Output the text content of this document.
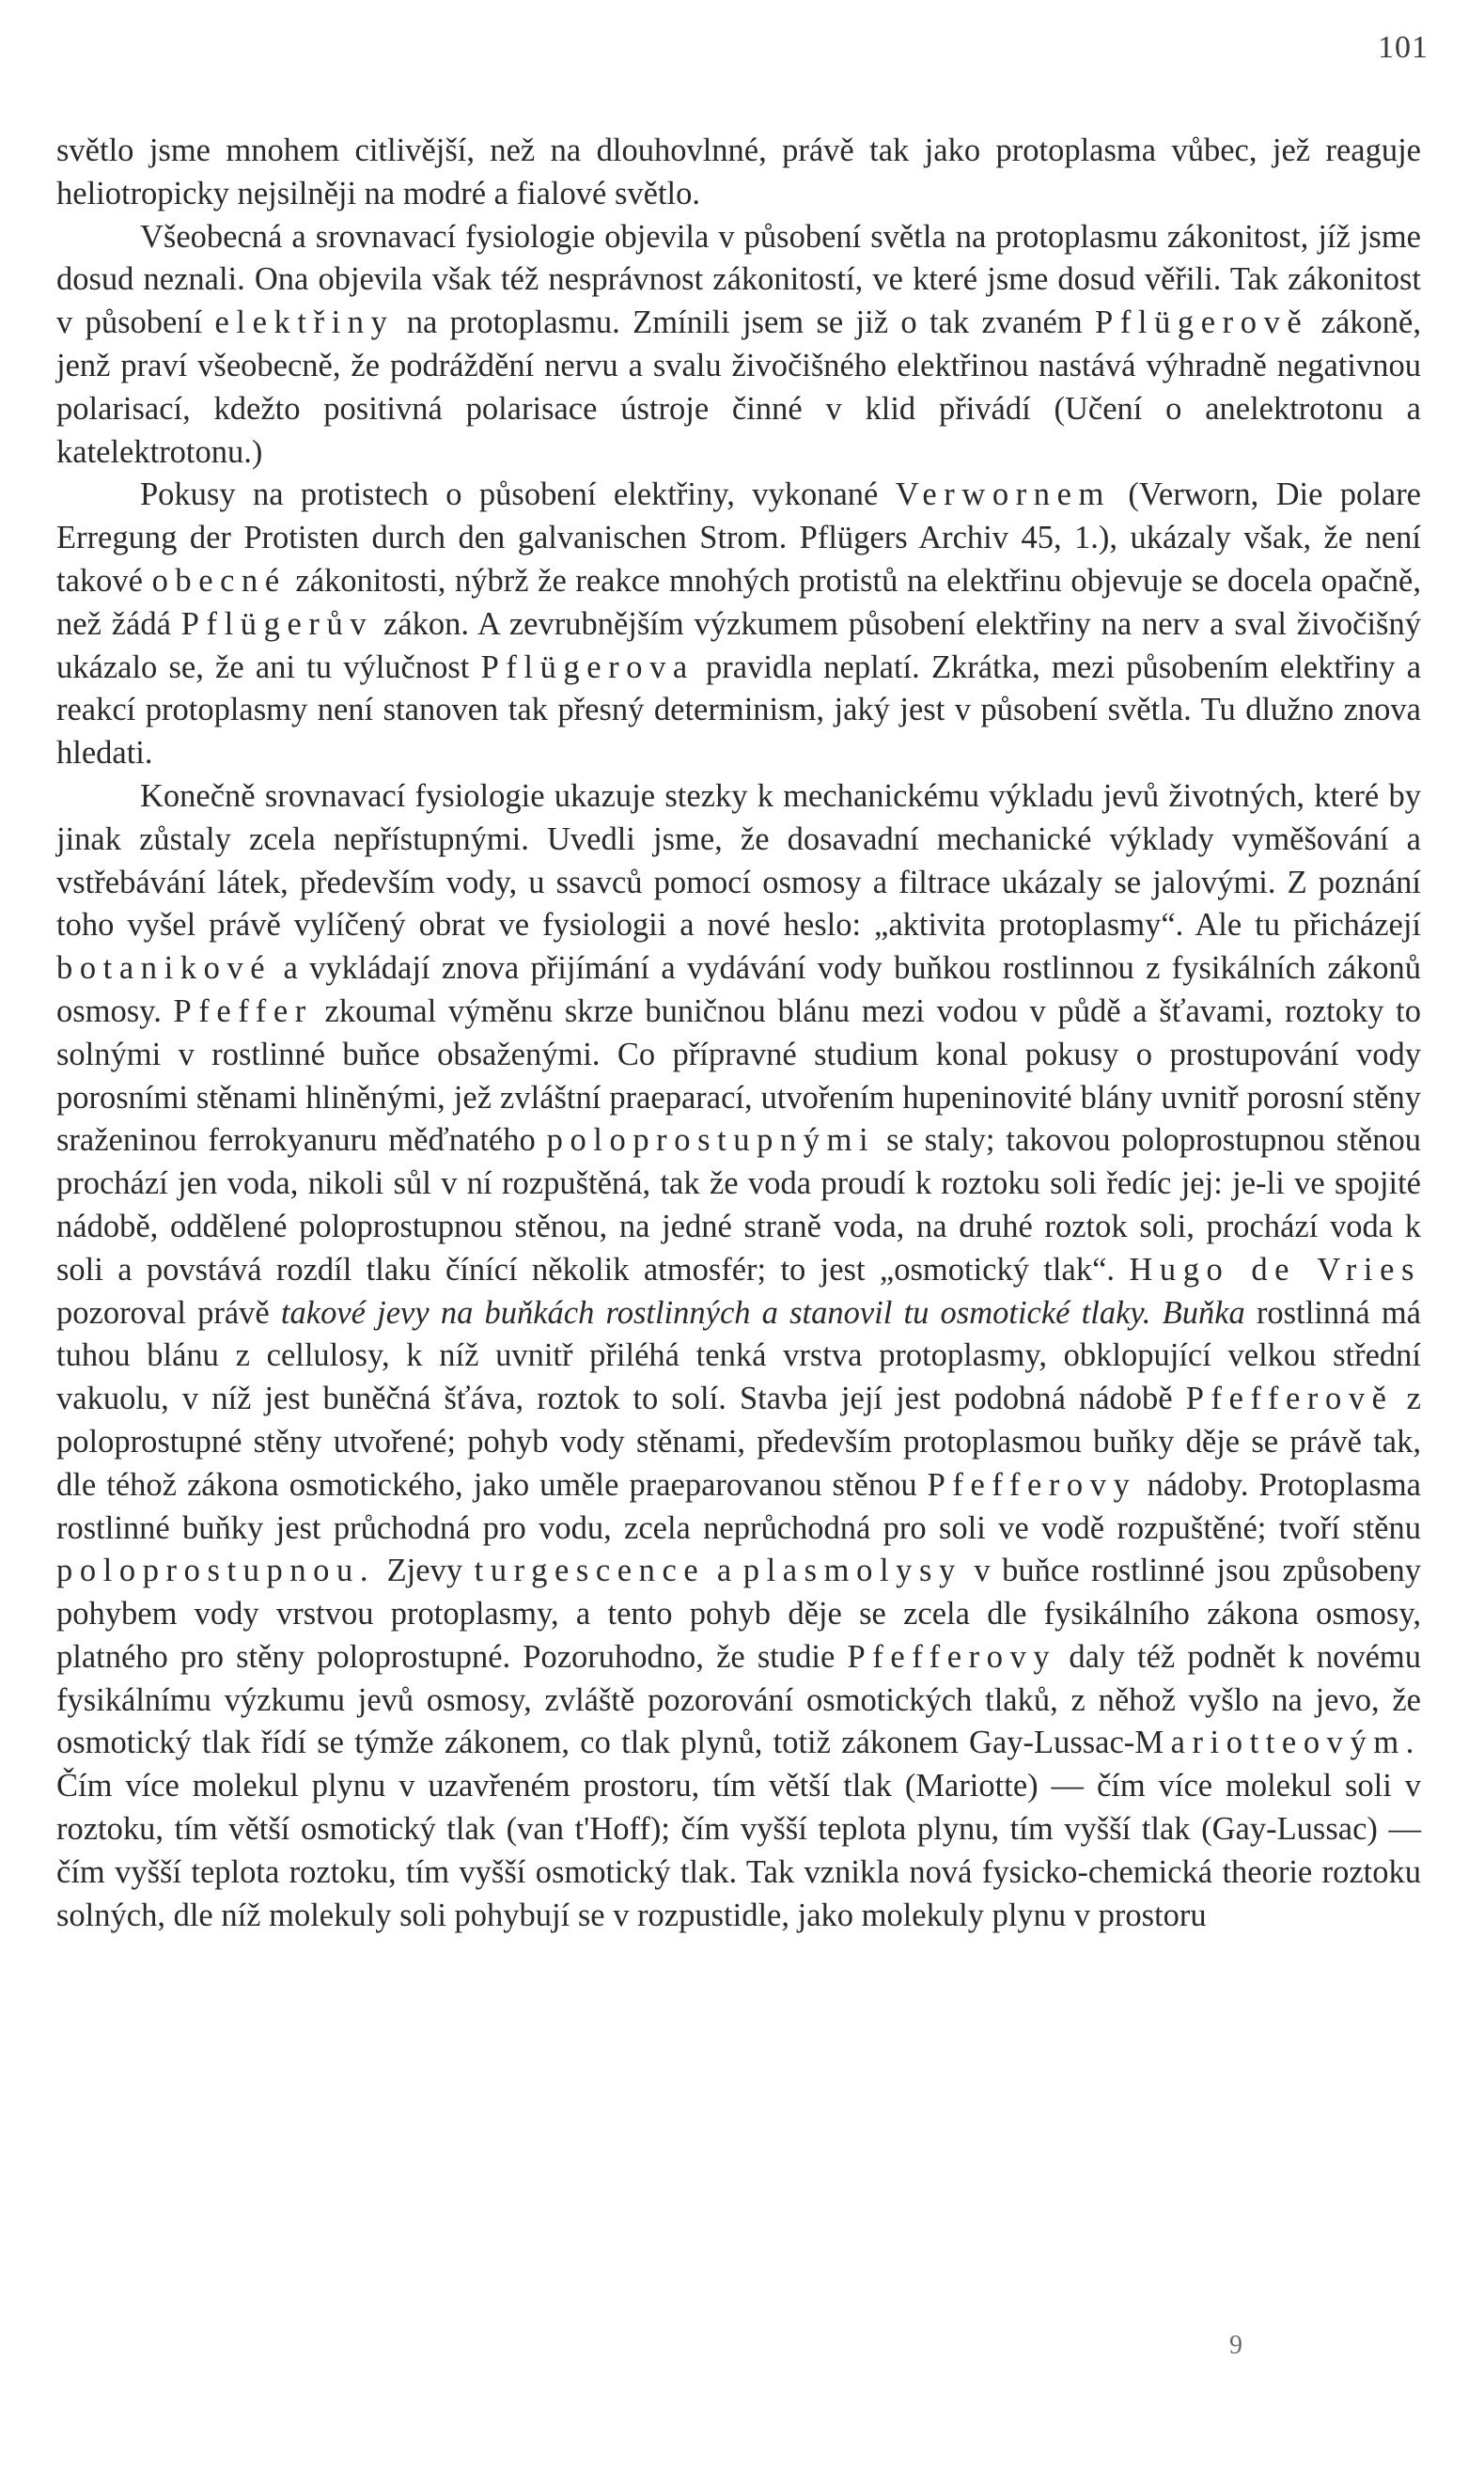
101

světlo jsme mnohem citlivější, než na dlouhovlnné, právě tak jako protoplasma vůbec, jež reaguje heliotropicky nejsilněji na modré a fialové světlo.

Všeobecná a srovnavací fysiologie objevila v působení světla na protoplasmu zákonitost, jíž jsme dosud neznali. Ona objevila však též nesprávnost zákonitostí, ve které jsme dosud věřili. Tak zákonitost v působení elektřiny na protoplasmu. Zmínili jsem se již o tak zvaném Pflügerově zákoně, jenž praví všeobecně, že podráždění nervu a svalu živočišného elektřinou nastává výhradně negativnou polarisací, kdežto positivná polarisace ústroje činné v klid přivádí (Učení o anelektrotonu a katelektrotonu.)

Pokusy na protistech o působení elektřiny, vykonané Verwornem (Verworn, Die polare Erregung der Protisten durch den galvanischen Strom. Pflügers Archiv 45, 1.), ukázaly však, že není takové obecné zákonitosti, nýbrž že reakce mnohých protistů na elektřinu objevuje se docela opačně, než žádá Pflügerův zákon. A zevrubnějším výzkumem působení elektřiny na nerv a sval živočišný ukázalo se, že ani tu výlučnost Pflügerova pravidla neplatí. Zkrátka, mezi působením elektřiny a reakcí protoplasmy není stanoven tak přesný determinism, jaký jest v působení světla. Tu dlužno znova hledati.

Konečně srovnavací fysiologie ukazuje stezky k mechanickému výkladu jevů životných, které by jinak zůstaly zcela nepřístupnými. Uvedli jsme, že dosavadní mechanické výklady vyměšování a vstřebávání látek, především vody, u ssavců pomocí osmosy a filtrace ukázaly se jalovými. Z poznání toho vyšel právě vylíčený obrat ve fysiologii a nové heslo: „aktivita protoplasmy“. Ale tu přicházejí botanikové a vykládají znova přijímání a vydávání vody buňkou rostlinnou z fysikálních zákonů osmosy. Pfeffer zkoumal výměnu skrze buničnou blánu mezi vodou v půdě a šťavami, roztoky to solnými v rostlinné buňce obsaženými. Co přípravné studium konal pokusy o prostupování vody porosními stěnami hliněnými, jež zvláštní praeparací, utvořením hupeninovité blány uvnitř porosní stěny sraženinou ferrokyanuru měďnatého poloprostupnými se staly; takovou poloprostupnou stěnou prochází jen voda, nikoli sůl v ní rozpuštěná, tak že voda proudí k roztoku soli ředíc jej: je-li ve spojité nádobě, oddělené poloprostupnou stěnou, na jedné straně voda, na druhé roztok soli, prochází voda k soli a povstává rozdíl tlaku čínící několik atmosfér; to jest „osmotický tlak“. Hugo de Vries pozoroval právě takové jevy na buňkách rostlinných a stanovil tu osmotické tlaky. Buňka rostlinná má tuhou blánu z cellulosy, k níž uvnitř přiléhá tenká vrstva protoplasmy, obklopující velkou střední vakuolu, v níž jest buněčná šťáva, roztok to solí. Stavba její jest podobná nádobě Pfefferově z poloprostupné stěny utvořené; pohyb vody stěnami, především protoplasmou buňky děje se právě tak, dle téhož zákona osmotického, jako uměle praeparovanou stěnou Pfefferovy nádoby. Protoplasma rostlinné buňky jest průchodná pro vodu, zcela neprůchodná pro soli ve vodě rozpuštěné; tvoří stěnu poloprostupnou. Zjevy turgescence a plasmolysy v buňce rostlinné jsou způsobeny pohybem vody vrstvou protoplasmy, a tento pohyb děje se zcela dle fysikálního zákona osmosy, platného pro stěny poloprostupné. Pozoruhodno, že studie Pfefferovy daly též podnět k novému fysikálnímu výzkumu jevů osmosy, zvláště pozorování osmotických tlaků, z něhož vyšlo na jevo, že osmotický tlak řídí se týmže zákonem, co tlak plynů, totiž zákonem Gay-Lussac-Mariotteovým. Čím více molekul plynu v uzavřeném prostoru, tím větší tlak (Mariotte) — čím více molekul soli v roztoku, tím větší osmotický tlak (van t'Hoff); čím vyšší teplota plynu, tím vyšší tlak (Gay-Lussac) — čím vyšší teplota roztoku, tím vyšší osmotický tlak. Tak vznikla nová fysicko-chemická theorie roztoku solných, dle níž molekuly soli pohybují se v rozpustidle, jako molekuly plynu v prostoru

9
